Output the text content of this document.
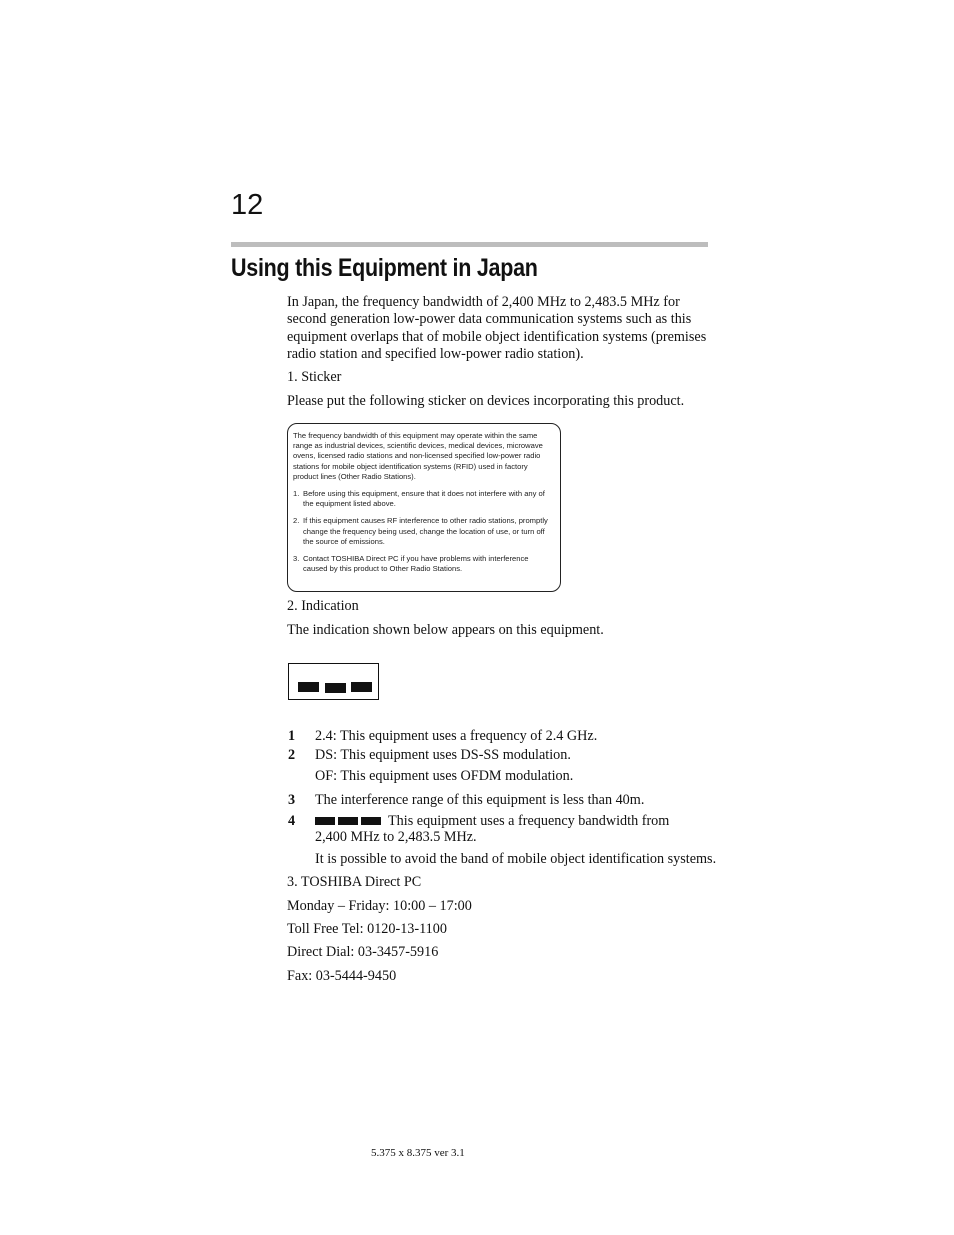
12
Using this Equipment in Japan
In Japan, the frequency bandwidth of 2,400 MHz to 2,483.5 MHz for second generation low-power data communication systems such as this equipment overlaps that of mobile object identification systems (premises radio station and specified low-power radio station).
1. Sticker
Please put the following sticker on devices incorporating this product.

The frequency bandwidth of this equipment may operate within the same range as industrial devices, scientific devices, medical devices, microwave ovens, licensed radio stations and non-licensed specified low-power radio stations for mobile object identification systems (RFID) used in factory product lines (Other Radio Stations).

1. Before using this equipment, ensure that it does not interfere with any of the equipment listed above.
2. If this equipment causes RF interference to other radio stations, promptly change the frequency being used, change the location of use, or turn off the source of emissions.
3. Contact TOSHIBA Direct PC if you have problems with interference caused by this product to Other Radio Stations.
2. Indication
The indication shown below appears on this equipment.
1 2.4: This equipment uses a frequency of 2.4 GHz.
2 DS: This equipment uses DS-SS modulation.
OF: This equipment uses OFDM modulation.
3 The interference range of this equipment is less than 40m.
4	This equipment uses a frequency bandwidth from
2,400 MHz to 2,483.5 MHz.
It is possible to avoid the band of mobile object identification systems.
3. TOSHIBA Direct PC
Monday – Friday: 10:00 – 17:00
Toll Free Tel: 0120-13-1100
Direct Dial: 03-3457-5916
Fax: 03-5444-9450
5.375 x 8.375 ver 3.1
